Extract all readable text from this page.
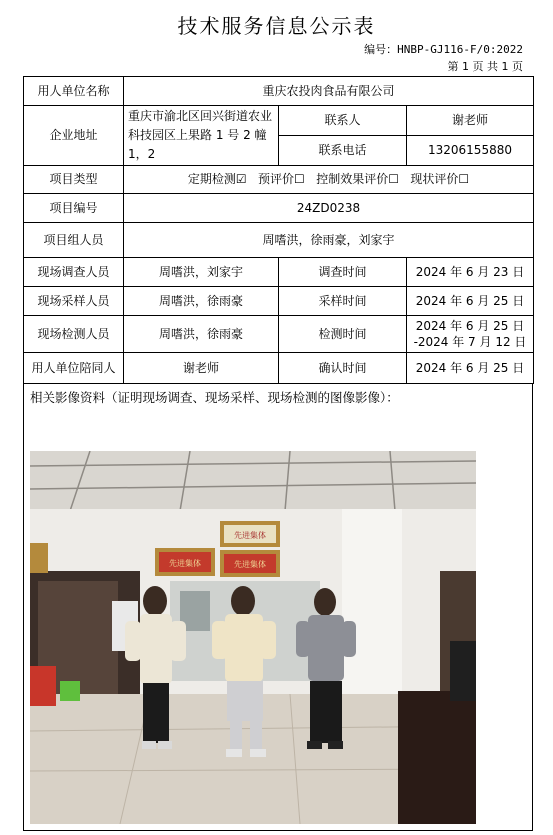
技术服务信息公示表
编号：HNBP-GJ116-F/0:2022
第 1 页 共 1 页
用人单位名称	重庆农投肉食品有限公司		
企业地址	重庆市渝北区回兴街道农业科技园区上果路 1 号 2 幢 1，2	联系人	谢老师
		联系电话	13206155880
项目类型	定期检测☑   预评价☐   控制效果评价☐   现状评价☐		
项目编号	24ZD0238		
项目组人员	周嗜洪，徐雨豪，刘家宇		
现场调查人员	周嗜洪，刘家宇	调查时间	2024 年 6 月 23 日
现场采样人员	周嗜洪，徐雨豪	采样时间	2024 年 6 月 25 日
现场检测人员	周嗜洪，徐雨豪	检测时间	2024 年 6 月 25 日
-2024 年 7 月 12 日

用人单位陪同人	谢老师	确认时间	2024 年 6 月 25 日
相关影像资料（证明现场调查、现场采样、现场检测的图像影像）：
先进集体
先进集体	先进集体
